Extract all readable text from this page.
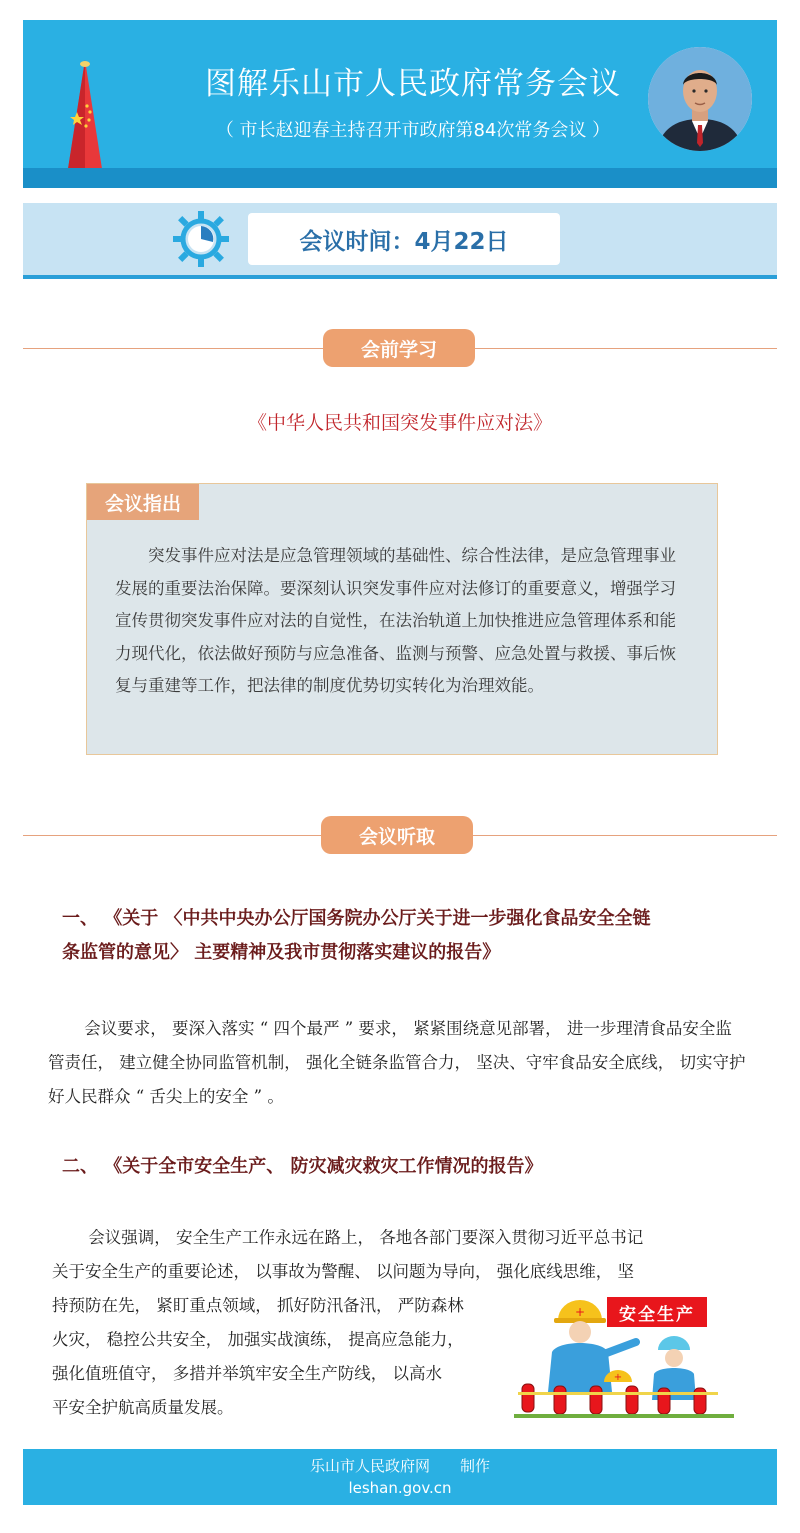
图解乐山市人民政府常务会议
（ 市长赵迎春主持召开市政府第84次常务会议 ）
会议时间：4月22日
会前学习
《中华人民共和国突发事件应对法》
会议指出
突发事件应对法是应急管理领域的基础性、综合性法律，是应急管理事业发展的重要法治保障。要深刻认识突发事件应对法修订的重要意义，增强学习宣传贯彻突发事件应对法的自觉性，在法治轨道上加快推进应急管理体系和能力现代化，依法做好预防与应急准备、监测与预警、应急处置与救援、事后恢复与重建等工作，把法律的制度优势切实转化为治理效能。
会议听取
一、 《关于 〈中共中央办公厅国务院办公厅关于进一步强化食品安全全链
条监管的意见〉 主要精神及我市贯彻落实建议的报告》
会议要求， 要深入落实 “ 四个最严 ” 要求， 紧紧围绕意见部署， 进一步理清食品安全监管责任， 建立健全协同监管机制， 强化全链条监管合力， 坚决、守牢食品安全底线， 切实守护好人民群众 “ 舌尖上的安全 ” 。
二、 《关于全市安全生产、 防灾减灾救灾工作情况的报告》
会议强调， 安全生产工作永远在路上， 各地各部门要深入贯彻习近平总书记
关于安全生产的重要论述， 以事故为警醒、 以问题为导向， 强化底线思维， 坚
持预防在先， 紧盯重点领域， 抓好防汛备汛， 严防森林
火灾， 稳控公共安全， 加强实战演练， 提高应急能力，
强化值班值守， 多措并举筑牢安全生产防线， 以高水
平安全护航高质量发展。
+
+
安全生产
乐山市人民政府网　　制作
leshan.gov.cn
